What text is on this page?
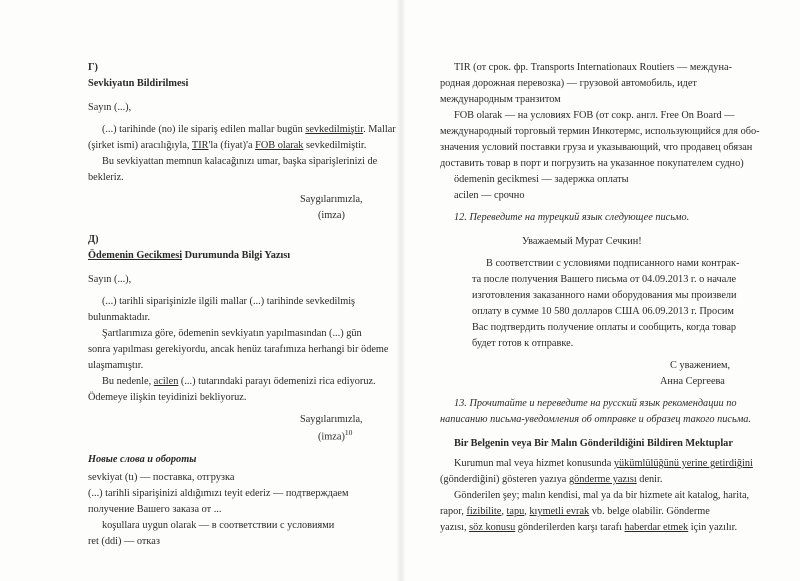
Г)
Sevkiyatın Bildirilmesi
Sayın (...),
(...) tarihinde (no) ile sipariş edilen mallar bugün sevkedilmiştir. Mallar
(şirket ismi) aracılığıyla, TIR'la (fiyat)'a FOB olarak sevkedilmiştir.
Bu sevkiyattan memnun kalacağınızı umar, başka siparişlerinizi de
bekleriz.
Saygılarımızla,
(imza)
Д)
Ödemenin Gecikmesi Durumunda Bilgi Yazısı
Sayın (...),
(...) tarihli siparişinizle ilgili mallar (...) tarihinde sevkedilmiş
bulunmaktadır.
Şartlarımıza göre, ödemenin sevkiyatın yapılmasından (...) gün
sonra yapılması gerekiyordu, ancak henüz tarafımıza herhangi bir ödeme
ulaşmamıştır.
Bu nedenle, acilen (...) tutarındaki parayı ödemenizi rica ediyoruz.
Ödemeye ilişkin teyidinizi bekliyoruz.
Saygılarımızla,
(imza)$^{10}$
Новые слова и обороты
sevkiyat (tı) — поставка, отгрузка
(...) tarihli siparişinizi aldığımızı teyit ederiz — подтверждаем
получение Вашего заказа от ...
koşullara uygun olarak — в соответствии с условиями
ret (ddi) — отказ
TIR (от срок. фр. Transports Internationaux Routiers — междуна-
родная дорожная перевозка) — грузовой автомобиль, идет
международным транзитом
FOB olarak — на условиях FOB (от сокр. англ. Free On Board —
международный торговый термин Инкотермс, использующийся для обо-
значения условий поставки груза и указывающий, что продавец обязан
доставить товар в порт и погрузить на указанное покупателем судно)
ödemenin gecikmesi — задержка оплаты
acilen — срочно
12. Переведите на турецкий язык следующее письмо.
Уважаемый Мурат Сечкин!
В соответствии с условиями подписанного нами контрак-
та после получения Вашего письма от 04.09.2013 г. о начале
изготовления заказанного нами оборудования мы произвели
оплату в сумме 10 580 долларов США 06.09.2013 г. Просим
Вас подтвердить получение оплаты и сообщить, когда товар
будет готов к отправке.
С уважением,
Анна Сергеева
13. Прочитайте и переведите на русский язык рекомендации по
написанию письма-уведомления об отправке и образец такого письма.
Bir Belgenin veya Bir Malın Gönderildiğini Bildiren Mektuplar
Kurumun mal veya hizmet konusunda yükümlülüğünü yerine getirdiğini
(gönderdiğini) gösteren yazıya gönderme yazısı denir.
Gönderilen şey; malın kendisi, mal ya da bir hizmete ait katalog, harita,
rapor, fizibilite, tapu, kıymetli evrak vb. belge olabilir. Gönderme
yazısı, söz konusu gönderilerden karşı tarafı haberdar etmek için yazılır.
